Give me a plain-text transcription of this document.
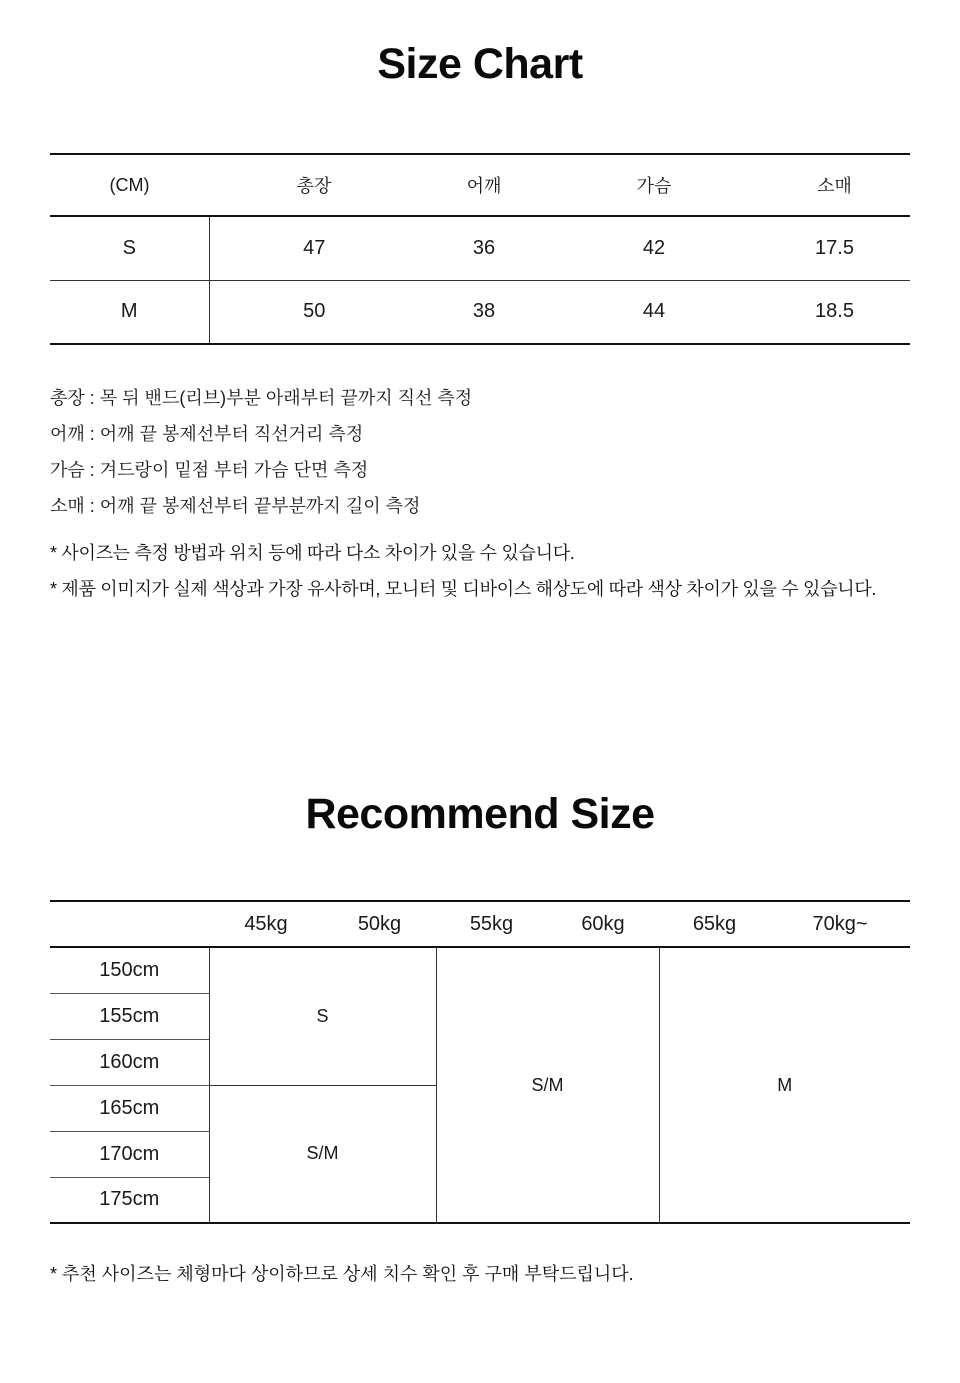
Size Chart
(CM)	총장	어깨	가슴	소매
S	47	36	42	17.5
M	50	38	44	18.5

총장 : 목 뒤 밴드(리브)부분 아래부터 끝까지 직선 측정

어깨 : 어깨 끝 봉제선부터 직선거리 측정

가슴 : 겨드랑이 밑점 부터 가슴 단면 측정

소매 : 어깨 끝 봉제선부터 끝부분까지 길이 측정

* 사이즈는 측정 방법과 위치 등에 따라 다소 차이가 있을 수 있습니다.

* 제품 이미지가 실제 색상과 가장 유사하며, 모니터 및 디바이스 해상도에 따라 색상 차이가 있을 수 있습니다.

Recommend Size
	45kg	50kg	55kg	60kg	65kg	70kg~
150cm	S		S/M		M	
155cm						
160cm						
165cm	S/M					
170cm						
175cm						

* 추천 사이즈는 체형마다 상이하므로 상세 치수 확인 후 구매 부탁드립니다.
